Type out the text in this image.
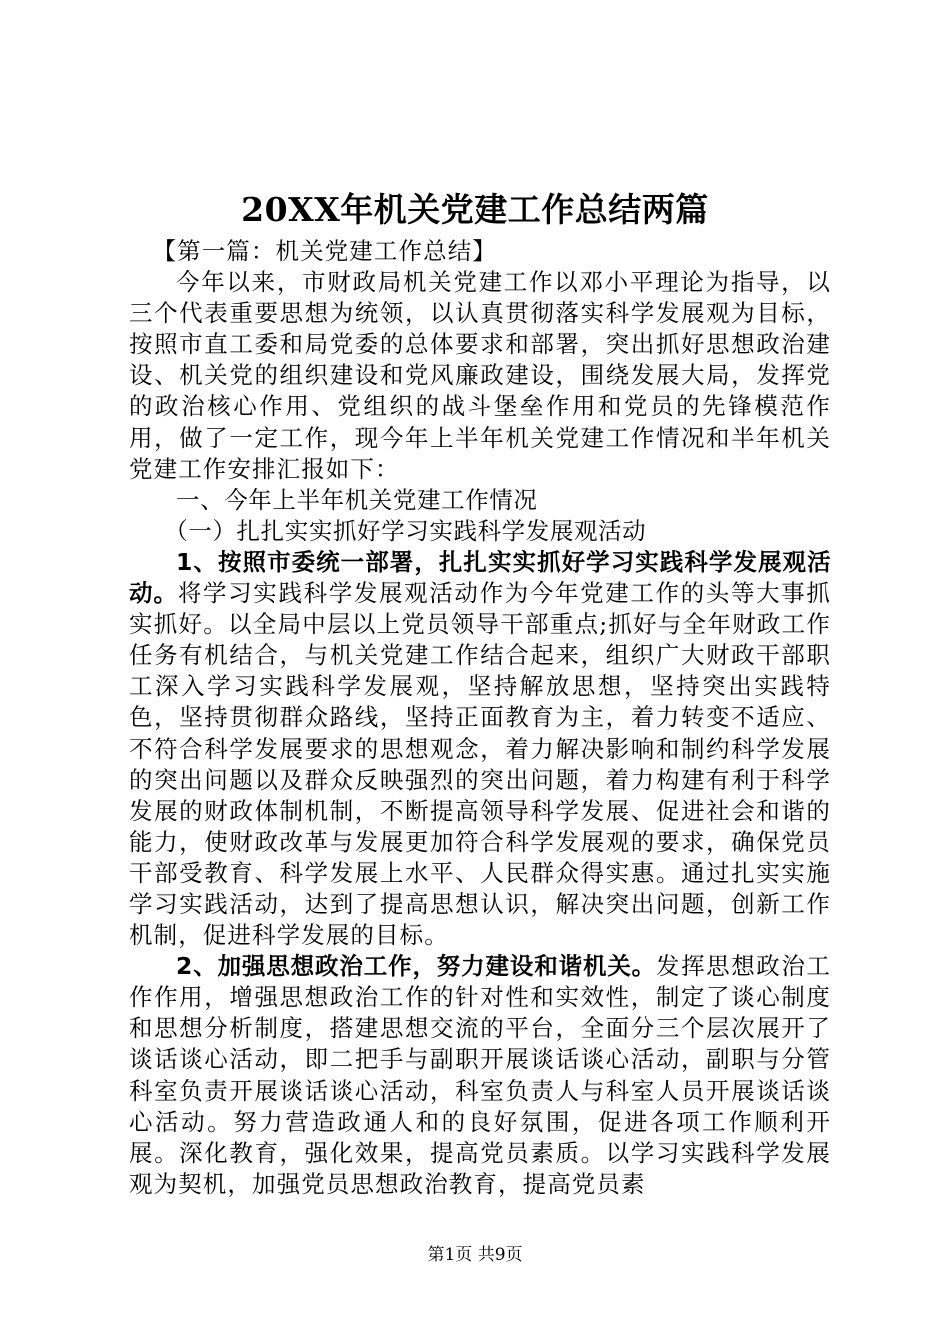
20XX年机关党建工作总结两篇

【第一篇：机关党建工作总结】

今年以来，市财政局机关党建工作以邓小平理论为指导，以三个代表重要思想为统领，以认真贯彻落实科学发展观为目标，按照市直工委和局党委的总体要求和部署，突出抓好思想政治建设、机关党的组织建设和党风廉政建设，围绕发展大局，发挥党的政治核心作用、党组织的战斗堡垒作用和党员的先锋模范作用，做了一定工作，现今年上半年机关党建工作情况和半年机关党建工作安排汇报如下：

一、今年上半年机关党建工作情况

（一）扎扎实实抓好学习实践科学发展观活动

1、按照市委统一部署，扎扎实实抓好学习实践科学发展观活动。将学习实践科学发展观活动作为今年党建工作的头等大事抓实抓好。以全局中层以上党员领导干部重点;抓好与全年财政工作任务有机结合，与机关党建工作结合起来，组织广大财政干部职工深入学习实践科学发展观，坚持解放思想，坚持突出实践特色，坚持贯彻群众路线，坚持正面教育为主，着力转变不适应、不符合科学发展要求的思想观念，着力解决影响和制约科学发展的突出问题以及群众反映强烈的突出问题，着力构建有利于科学发展的财政体制机制，不断提高领导科学发展、促进社会和谐的能力，使财政改革与发展更加符合科学发展观的要求，确保党员干部受教育、科学发展上水平、人民群众得实惠。通过扎实实施学习实践活动，达到了提高思想认识，解决突出问题，创新工作机制，促进科学发展的目标。

2、加强思想政治工作，努力建设和谐机关。发挥思想政治工作作用，增强思想政治工作的针对性和实效性，制定了谈心制度和思想分析制度，搭建思想交流的平台，全面分三个层次展开了谈话谈心活动，即二把手与副职开展谈话谈心活动，副职与分管科室负责开展谈话谈心活动，科室负责人与科室人员开展谈话谈心活动。努力营造政通人和的良好氛围，促进各项工作顺利开展。深化教育，强化效果，提高党员素质。以学习实践科学发展观为契机，加强党员思想政治教育，提高党员素

第1页 共9页
